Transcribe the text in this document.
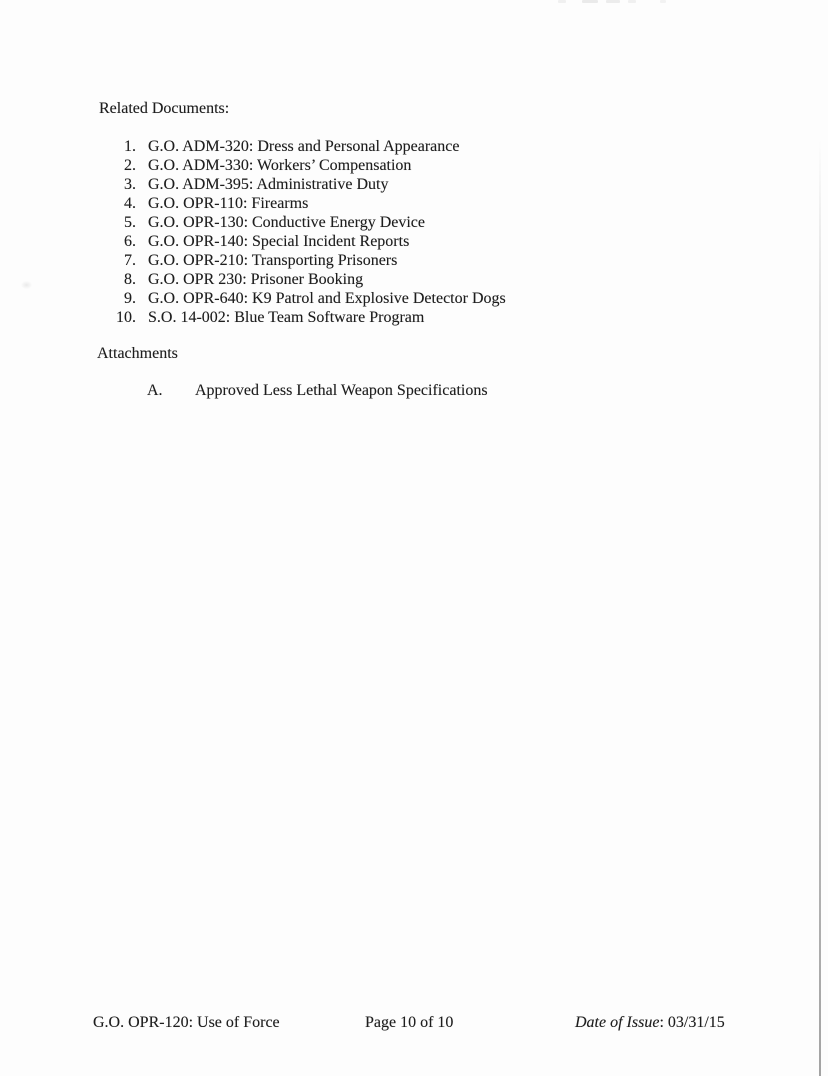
Related Documents:
1. G.O. ADM-320: Dress and Personal Appearance
2. G.O. ADM-330: Workers’ Compensation
3. G.O. ADM-395: Administrative Duty
4. G.O. OPR-110: Firearms
5. G.O. OPR-130: Conductive Energy Device
6. G.O. OPR-140: Special Incident Reports
7. G.O. OPR-210: Transporting Prisoners
8. G.O. OPR 230: Prisoner Booking
9. G.O. OPR-640: K9 Patrol and Explosive Detector Dogs
10. S.O. 14-002: Blue Team Software Program
Attachments
A.	Approved Less Lethal Weapon Specifications
G.O. OPR-120: Use of Force	Page 10 of 10	Date of Issue: 03/31/15
